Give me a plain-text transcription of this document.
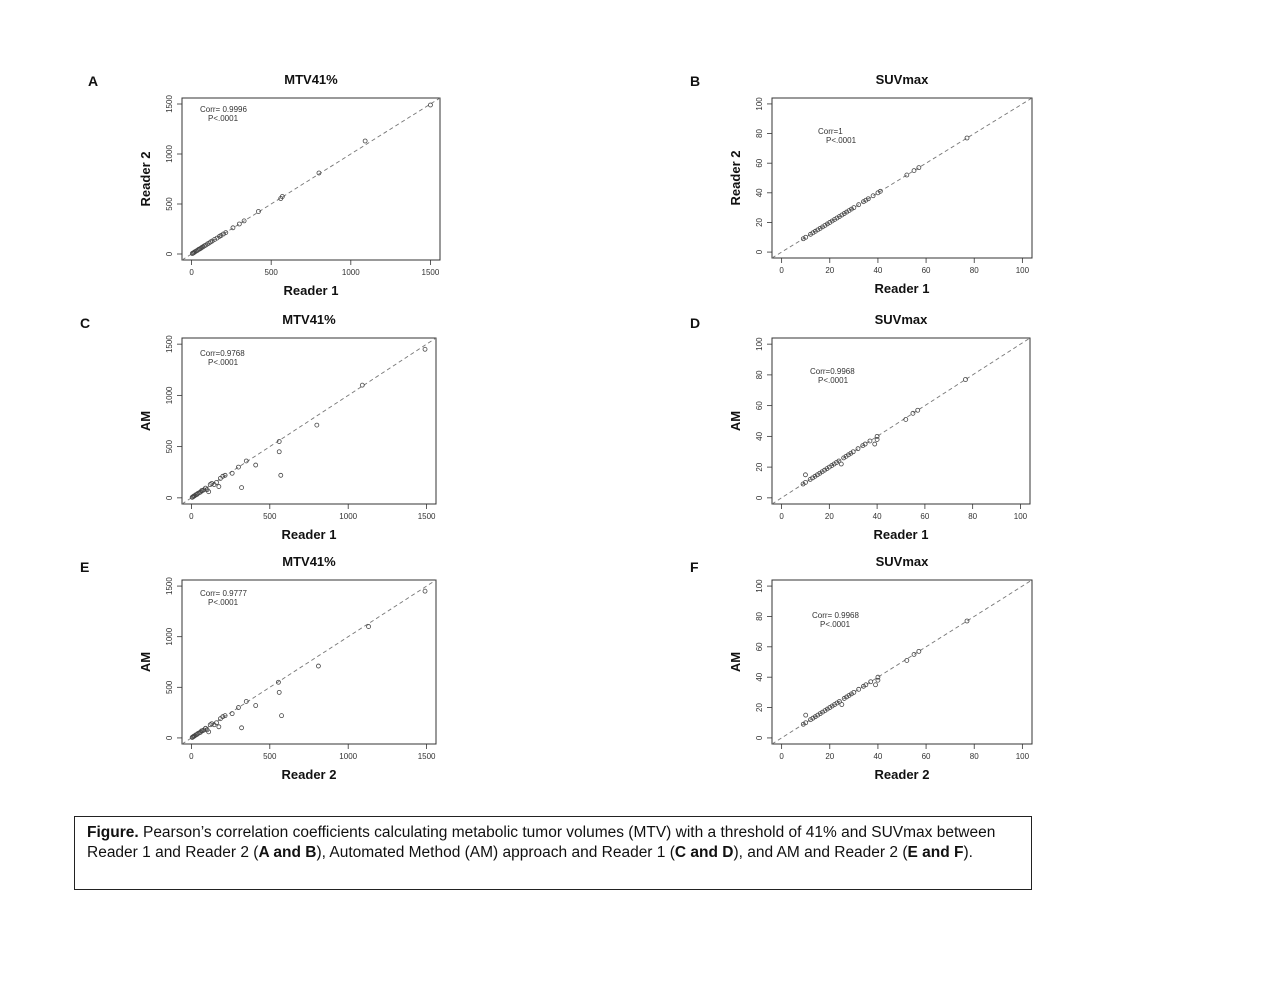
A	B
C	D
E	F
MTV41%
0	500	1000	1500
0
500
1000
1500
Reader 1
Reader 2
Corr= 0.9996
P<.0001
SUVmax
0	20	40	60	80	100
0
20
40
60
80
100
Reader 1
Reader 2
Corr=1
P<.0001
MTV41%
0	500	1000	1500
0
500
1000
1500
Reader 1
AM
Corr=0.9768
P<.0001
SUVmax
0	20	40	60	80	100
0
20
40
60
80
100
Reader 1
AM
Corr=0.9968
P<.0001
MTV41%
0	500	1000	1500
0
500
1000
1500
Reader 2
AM
Corr= 0.9777
P<.0001
SUVmax
0	20	40	60	80	100
0
20
40
60
80
100
Reader 2
AM
Corr= 0.9968
P<.0001
Figure. Pearson’s correlation coefficients calculating metabolic tumor volumes (MTV) with a threshold of 41% and SUVmax between Reader 1 and Reader 2 (A and B), Automated Method (AM) approach and Reader 1 (C and D), and AM and Reader 2 (E and F).
